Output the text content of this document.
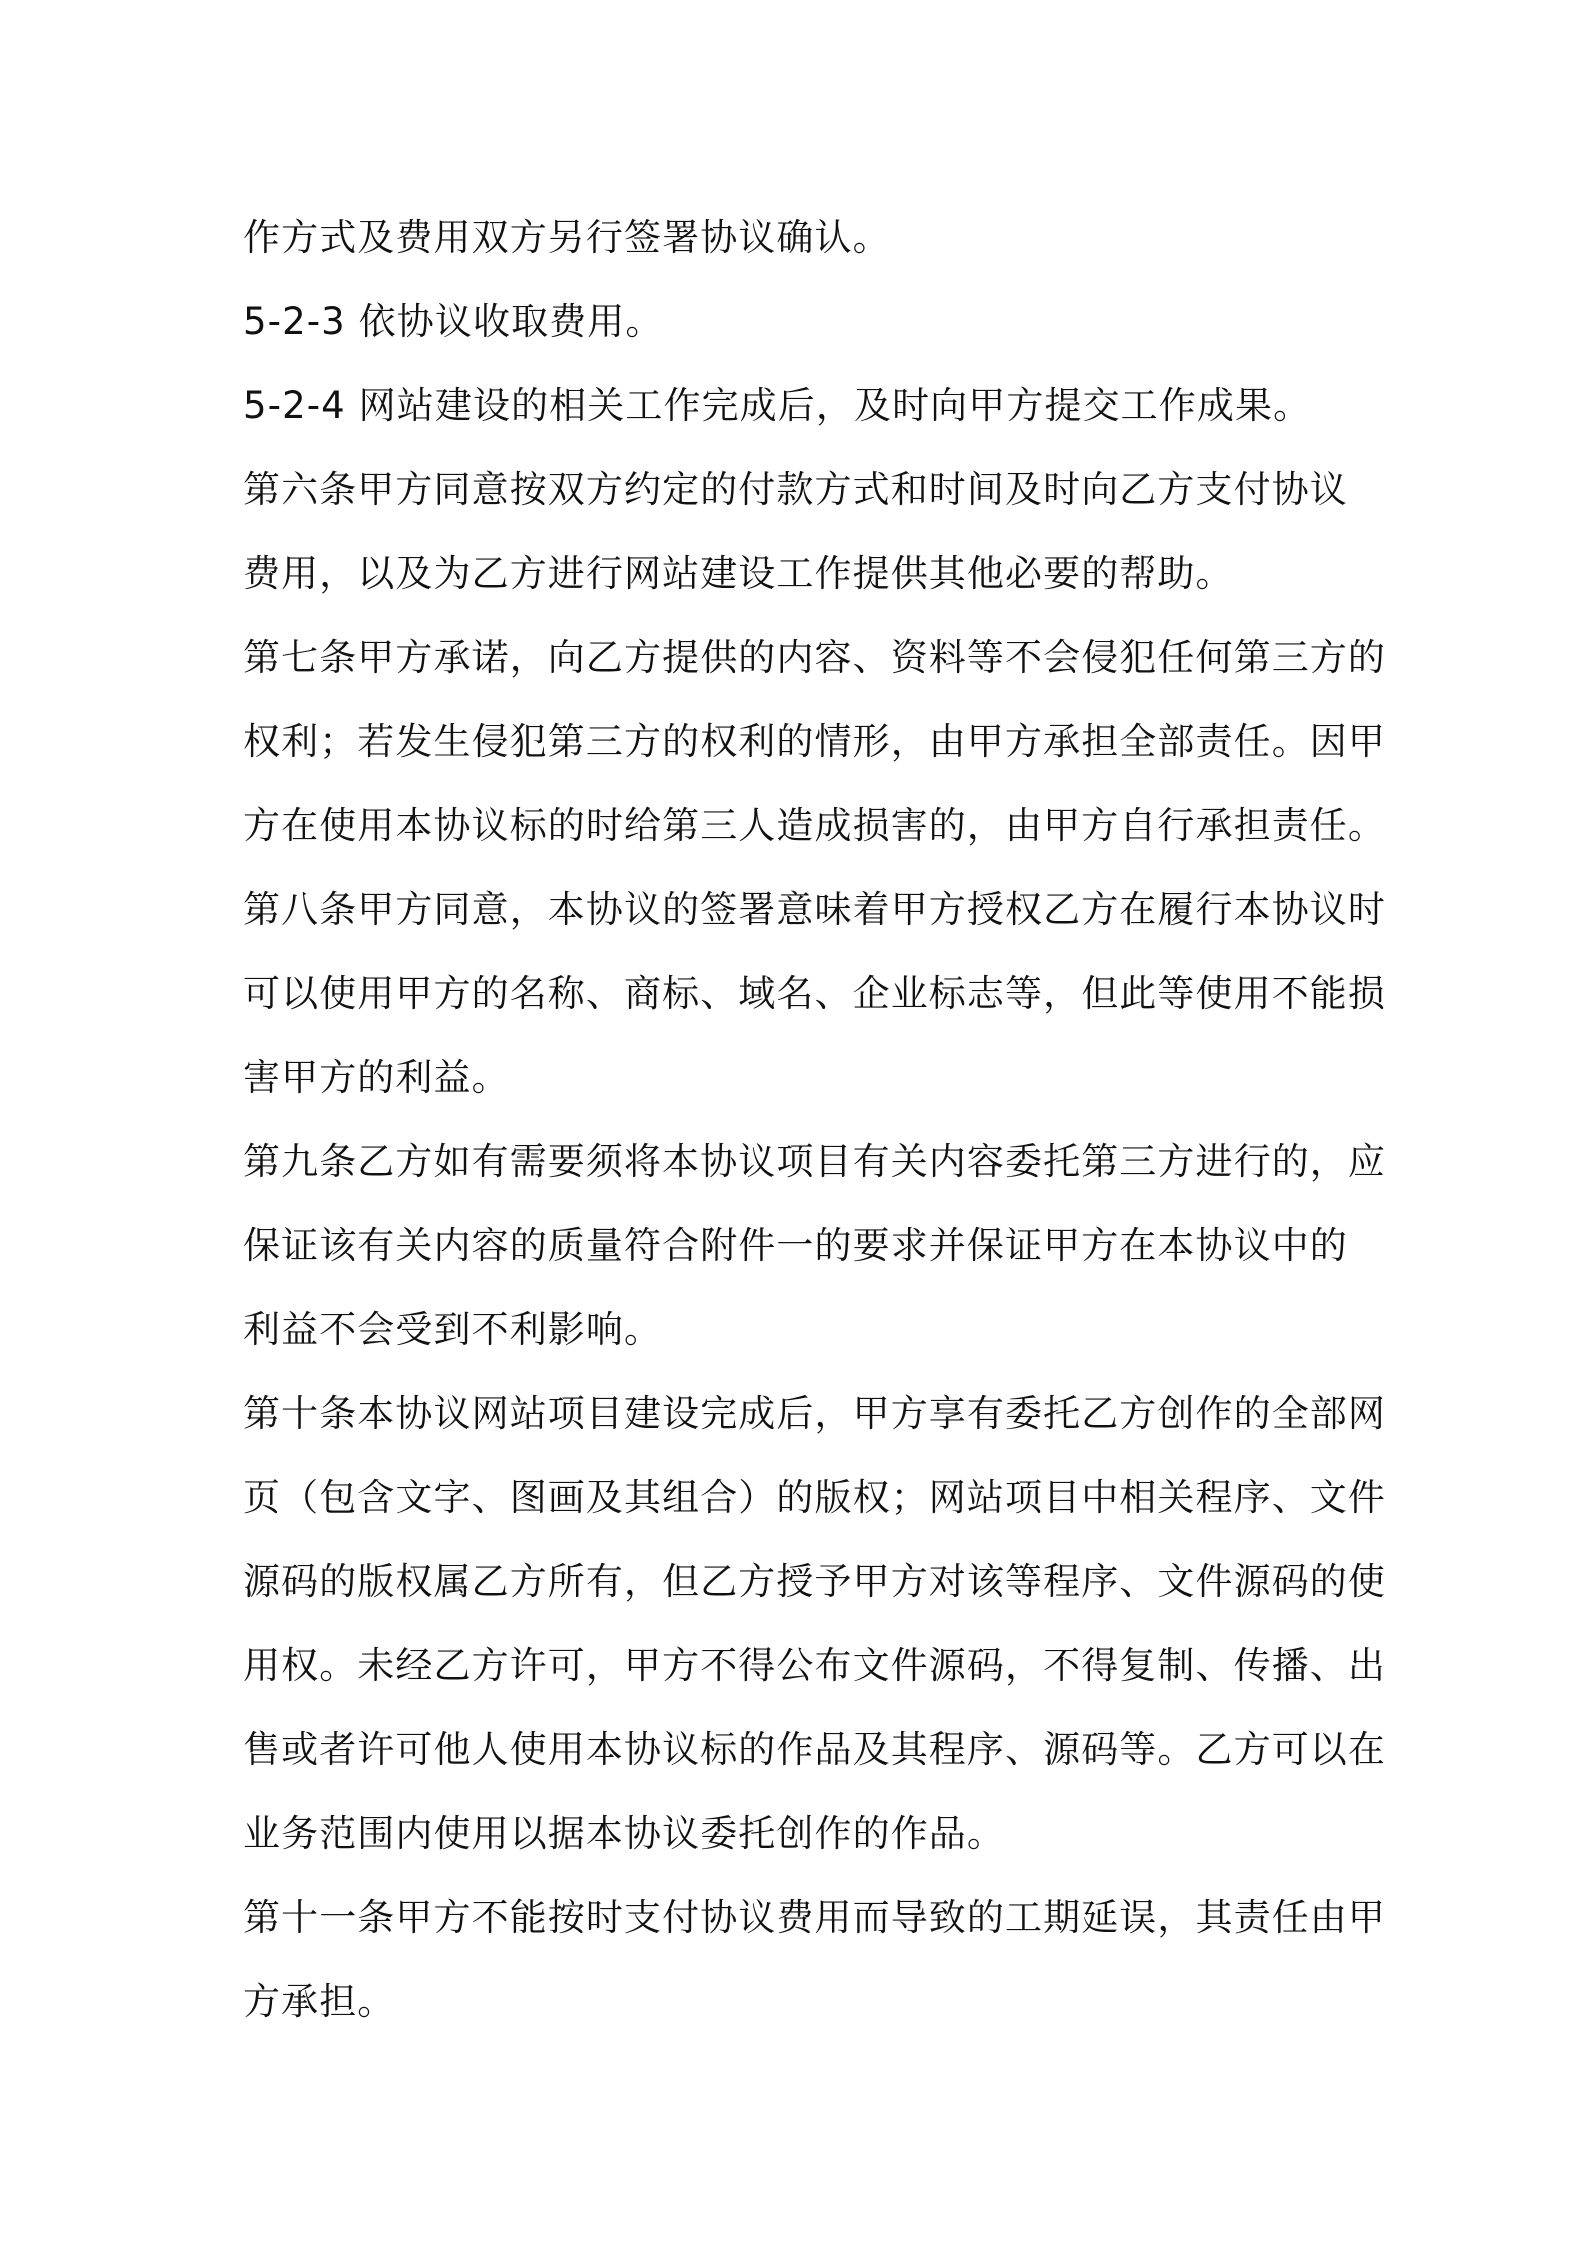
作方式及费用双方另行签署协议确认。
5-2-3 依协议收取费用。
5-2-4 网站建设的相关工作完成后，及时向甲方提交工作成果。
第六条甲方同意按双方约定的付款方式和时间及时向乙方支付协议
费用，以及为乙方进行网站建设工作提供其他必要的帮助。
第七条甲方承诺，向乙方提供的内容、资料等不会侵犯任何第三方的
权利；若发生侵犯第三方的权利的情形，由甲方承担全部责任。因甲
方在使用本协议标的时给第三人造成损害的，由甲方自行承担责任。
第八条甲方同意，本协议的签署意味着甲方授权乙方在履行本协议时
可以使用甲方的名称、商标、域名、企业标志等，但此等使用不能损
害甲方的利益。
第九条乙方如有需要须将本协议项目有关内容委托第三方进行的，应
保证该有关内容的质量符合附件一的要求并保证甲方在本协议中的
利益不会受到不利影响。
第十条本协议网站项目建设完成后，甲方享有委托乙方创作的全部网
页（包含文字、图画及其组合）的版权；网站项目中相关程序、文件
源码的版权属乙方所有，但乙方授予甲方对该等程序、文件源码的使
用权。未经乙方许可，甲方不得公布文件源码，不得复制、传播、出
售或者许可他人使用本协议标的作品及其程序、源码等。乙方可以在
业务范围内使用以据本协议委托创作的作品。
第十一条甲方不能按时支付协议费用而导致的工期延误，其责任由甲
方承担。
